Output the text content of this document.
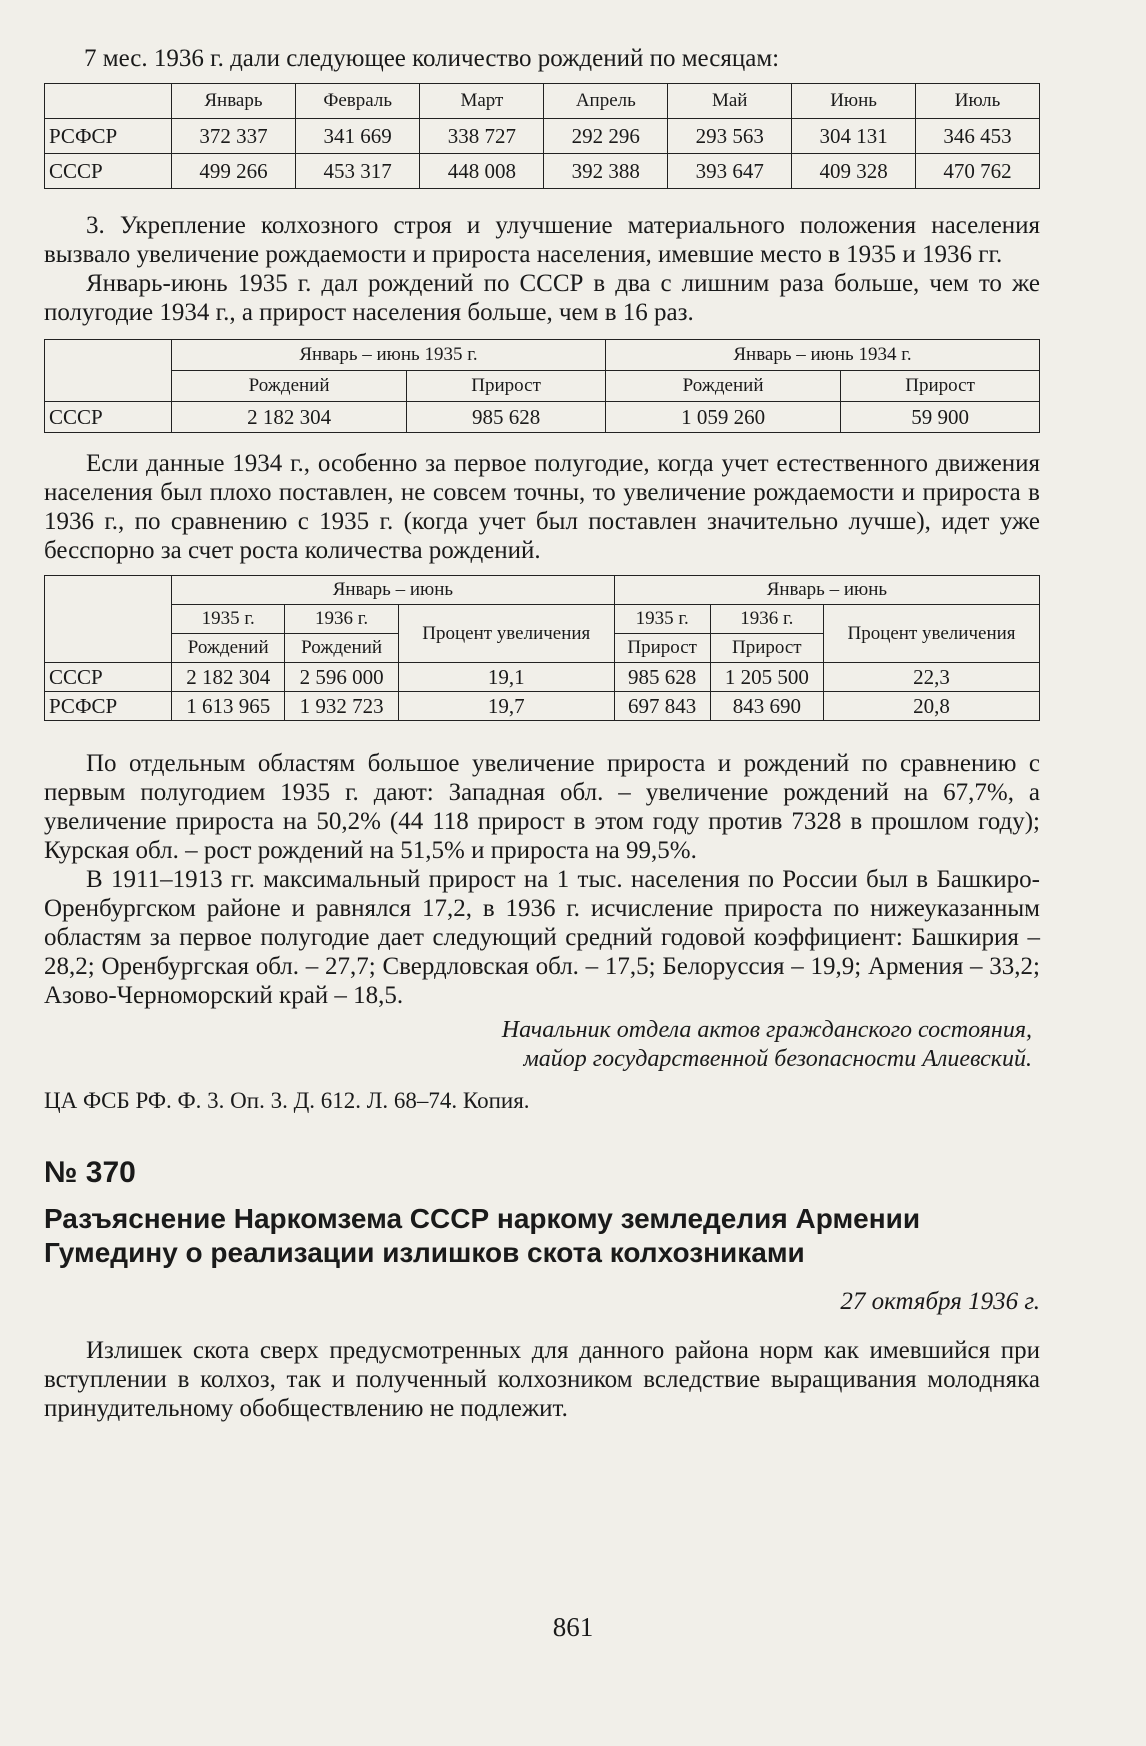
7 мес. 1936 г. дали следующее количество рождений по месяцам:

	Январь	Февраль	Март	Апрель	Май	Июнь	Июль
РСФСР	372 337	341 669	338 727	292 296	293 563	304 131	346 453
СССР	499 266	453 317	448 008	392 388	393 647	409 328	470 762

3. Укрепление колхозного строя и улучшение материального положения населения вызвало увеличение рождаемости и прироста населения, имевшие место в 1935 и 1936 гг.

Январь-июнь 1935 г. дал рождений по СССР в два с лишним раза больше, чем то же полугодие 1934 г., а прирост населения больше, чем в 16 раз.

	Январь – июнь 1935 г.		Январь – июнь 1934 г.	
	Рождений	Прирост	Рождений	Прирост
СССР	2 182 304	985 628	1 059 260	59 900

Если данные 1934 г., особенно за первое полугодие, когда учет естественного движения населения был плохо поставлен, не совсем точны, то увеличение рождаемости и прироста в 1936 г., по сравнению с 1935 г. (когда учет был поставлен значительно лучше), идет уже бесспорно за счет роста количества рождений.

	Январь – июнь			Январь – июнь		
	1935 г.	1936 г.	Процент увеличения	1935 г.	1936 г.	Процент увеличения
	Рождений	Рождений		Прирост	Прирост	
СССР	2 182 304	2 596 000	19,1	985 628	1 205 500	22,3
РСФСР	1 613 965	1 932 723	19,7	697 843	843 690	20,8

По отдельным областям большое увеличение прироста и рождений по сравнению с первым полугодием 1935 г. дают: Западная обл. – увеличение рождений на 67,7%, а увеличение прироста на 50,2% (44 118 прирост в этом году против 7328 в прошлом году); Курская обл. – рост рождений на 51,5% и прироста на 99,5%.

В 1911–1913 гг. максимальный прирост на 1 тыс. населения по России был в Башкиро-Оренбургском районе и равнялся 17,2, в 1936 г. исчисление прироста по нижеуказанным областям за первое полугодие дает следующий средний годовой коэффициент: Башкирия – 28,2; Оренбургская обл. – 27,7; Свердловская обл. – 17,5; Белоруссия – 19,9; Армения – 33,2; Азово-Черноморский край – 18,5.

Начальник отдела актов гражданского состояния,
майор государственной безопасности Алиевский.
ЦА ФСБ РФ. Ф. 3. Оп. 3. Д. 612. Л. 68–74. Копия.
№ 370
Разъяснение Наркомзема СССР наркому земледелия Армении
Гумедину о реализации излишков скота колхозниками
27 октября 1936 г.

Излишек скота сверх предусмотренных для данного района норм как имевшийся при вступлении в колхоз, так и полученный колхозником вследствие выращивания молодняка принудительному обобществлению не подлежит.

861
